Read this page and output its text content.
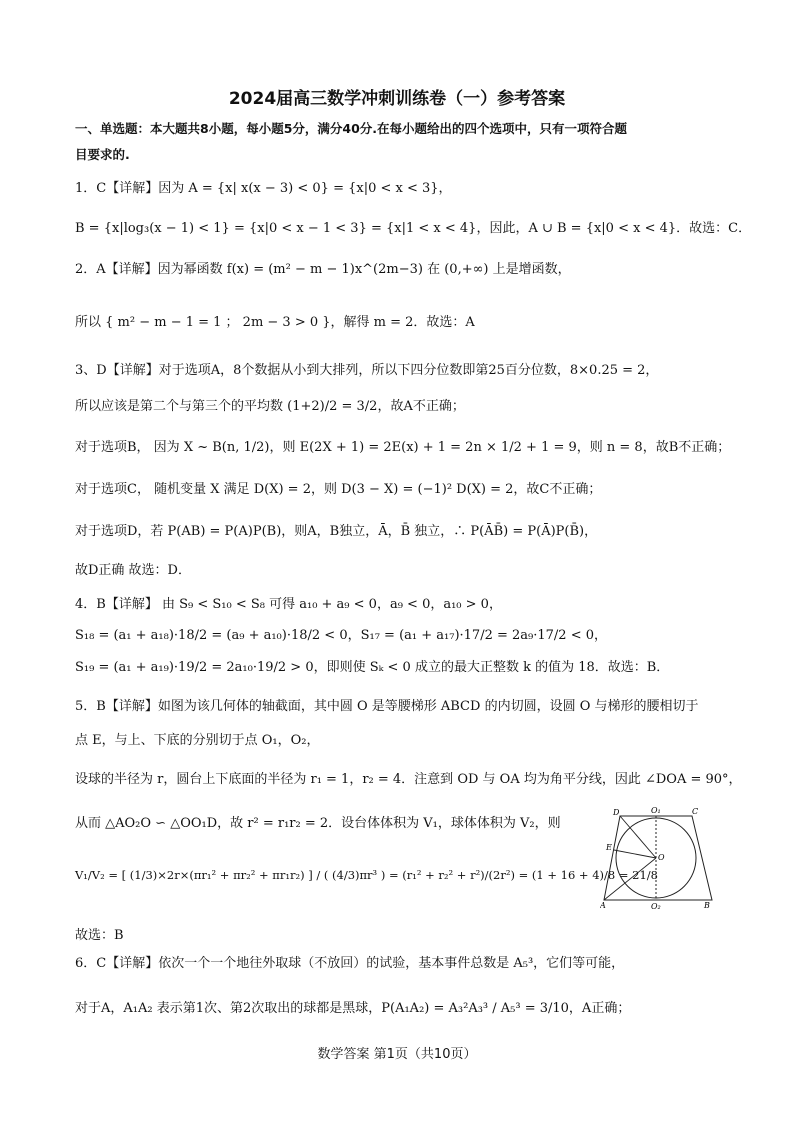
2024届高三数学冲刺训练卷（一）参考答案
一、单选题：本大题共8小题，每小题5分，满分40分.在每小题给出的四个选项中，只有一项符合题
目要求的.
1．C【详解】因为 A = {x| x(x − 3) < 0} = {x|0 < x < 3}，
B = {x|log₃(x − 1) < 1} = {x|0 < x − 1 < 3} = {x|1 < x < 4}，因此，A ∪ B = {x|0 < x < 4}．故选：C．
2．A【详解】因为幂函数 f(x) = (m² − m − 1)x^(2m−3) 在 (0,+∞) 上是增函数，
所以 { m² − m − 1 = 1 ； 2m − 3 > 0 }，解得 m = 2．故选：A
3、D【详解】对于选项A，8个数据从小到大排列，所以下四分位数即第25百分位数，8×0.25 = 2，
所以应该是第二个与第三个的平均数 (1+2)/2 = 3/2，故A不正确；
对于选项B， 因为 X ~ B(n, 1/2)，则 E(2X + 1) = 2E(x) + 1 = 2n × 1/2 + 1 = 9，则 n = 8，故B不正确；
对于选项C， 随机变量 X 满足 D(X) = 2，则 D(3 − X) = (−1)² D(X) = 2，故C不正确；
对于选项D，若 P(AB) = P(A)P(B)，则A，B独立，Ā，B̄ 独立，∴ P(ĀB̄) = P(Ā)P(B̄)，
故D正确 故选：D．
4．B【详解】 由 S₉ < S₁₀ < S₈ 可得 a₁₀ + a₉ < 0，a₉ < 0，a₁₀ > 0，
S₁₈ = (a₁ + a₁₈)·18/2 = (a₉ + a₁₀)·18/2 < 0，S₁₇ = (a₁ + a₁₇)·17/2 = 2a₉·17/2 < 0，
S₁₉ = (a₁ + a₁₉)·19/2 = 2a₁₀·19/2 > 0，即则使 Sₖ < 0 成立的最大正整数 k 的值为 18．故选：B．
5．B【详解】如图为该几何体的轴截面，其中圆 O 是等腰梯形 ABCD 的内切圆，设圆 O 与梯形的腰相切于
点 E，与上、下底的分别切于点 O₁，O₂，
设球的半径为 r，圆台上下底面的半径为 r₁ = 1，r₂ = 4．注意到 OD 与 OA 均为角平分线，因此 ∠DOA = 90°，
从而 △AO₂O ∽ △OO₁D，故 r² = r₁r₂ = 2．设台体体积为 V₁，球体体积为 V₂，则
V₁/V₂ = [ (1/3)×2r×(πr₁² + πr₂² + πr₁r₂) ] / ( (4/3)πr³ ) = (r₁² + r₂² + r²)/(2r²) = (1 + 16 + 4)/8 = 21/8
故选：B
6．C【详解】依次一个一个地往外取球（不放回）的试验，基本事件总数是 A₅³，它们等可能，
对于A，A₁A₂ 表示第1次、第2次取出的球都是黑球，P(A₁A₂) = A₃²A₃³ / A₅³ = 3/10，A正确；
D	O₁	C
E
O
A	O₂	B
数学答案 第1页（共10页）
